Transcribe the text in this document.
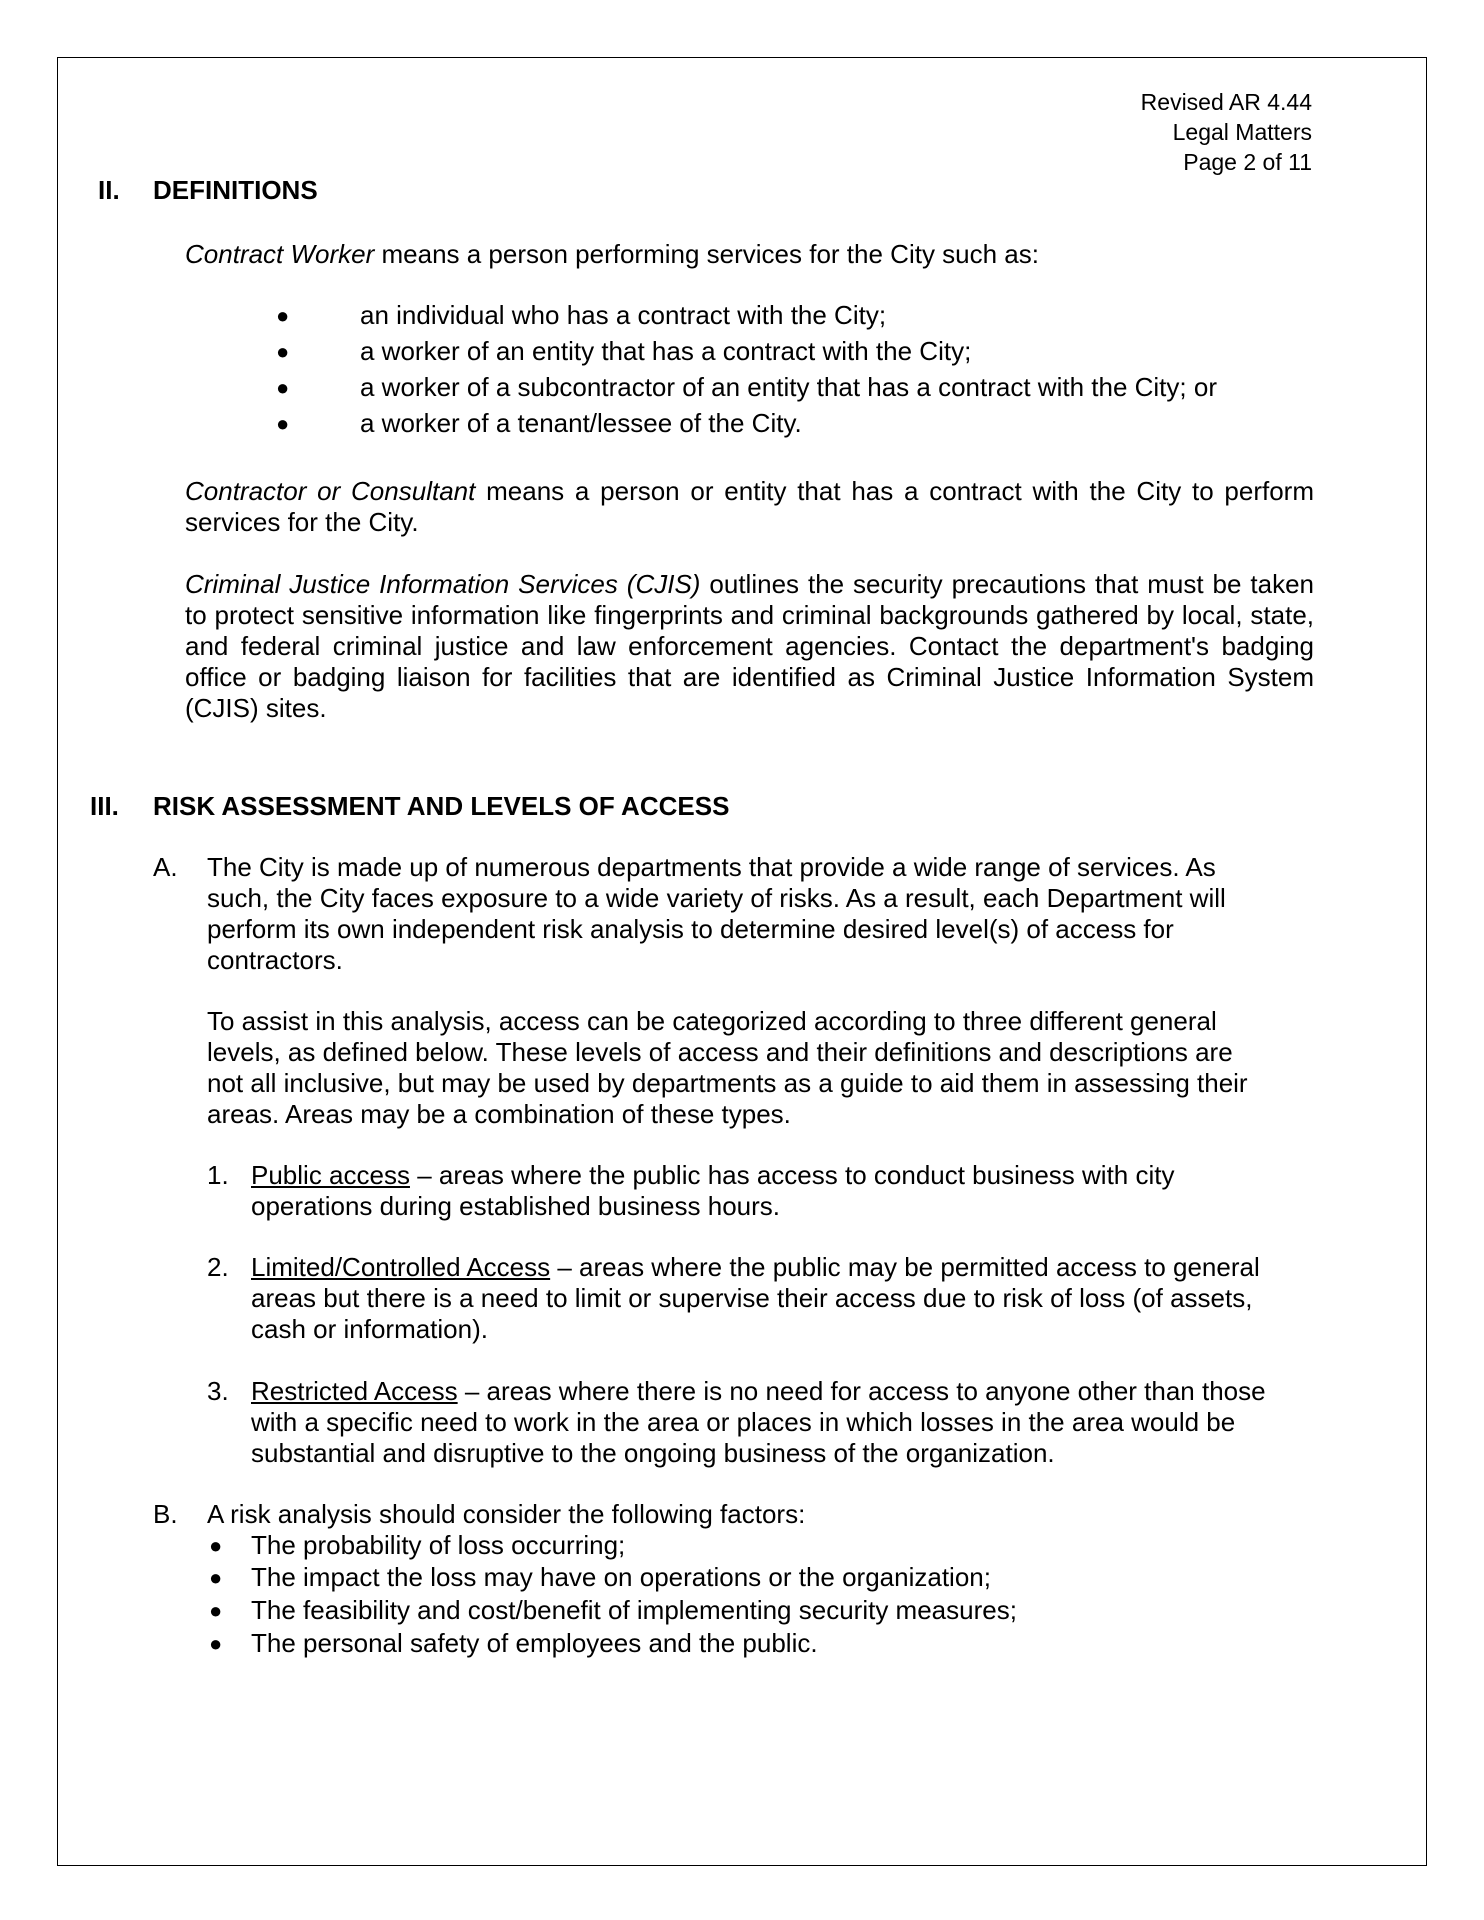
Revised AR 4.44
Legal Matters
Page 2 of 11
II. DEFINITIONS
Contract Worker means a person performing services for the City such as:
●	an individual who has a contract with the City;
●	a worker of an entity that has a contract with the City;
●	a worker of a subcontractor of an entity that has a contract with the City; or
●	a worker of a tenant/lessee of the City.
Contractor or Consultant means a person or entity that has a contract with the City to perform services for the City.
Criminal Justice Information Services (CJIS) outlines the security precautions that must be taken to protect sensitive information like fingerprints and criminal backgrounds gathered by local, state, and federal criminal justice and law enforcement agencies. Contact the department's badging office or badging liaison for facilities that are identified as Criminal Justice Information System (CJIS) sites.
III. RISK ASSESSMENT AND LEVELS OF ACCESS
A. The City is made up of numerous departments that provide a wide range of services. As
such, the City faces exposure to a wide variety of risks. As a result, each Department will
perform its own independent risk analysis to determine desired level(s) of access for
contractors.
To assist in this analysis, access can be categorized according to three different general
levels, as defined below. These levels of access and their definitions and descriptions are
not all inclusive, but may be used by departments as a guide to aid them in assessing their
areas. Areas may be a combination of these types.
1. Public access – areas where the public has access to conduct business with city
operations during established business hours.
2. Limited/Controlled Access – areas where the public may be permitted access to general
areas but there is a need to limit or supervise their access due to risk of loss (of assets,
cash or information).
3. Restricted Access – areas where there is no need for access to anyone other than those
with a specific need to work in the area or places in which losses in the area would be
substantial and disruptive to the ongoing business of the organization.
B. A risk analysis should consider the following factors:
● The probability of loss occurring;
● The impact the loss may have on operations or the organization;
● The feasibility and cost/benefit of implementing security measures;
● The personal safety of employees and the public.
